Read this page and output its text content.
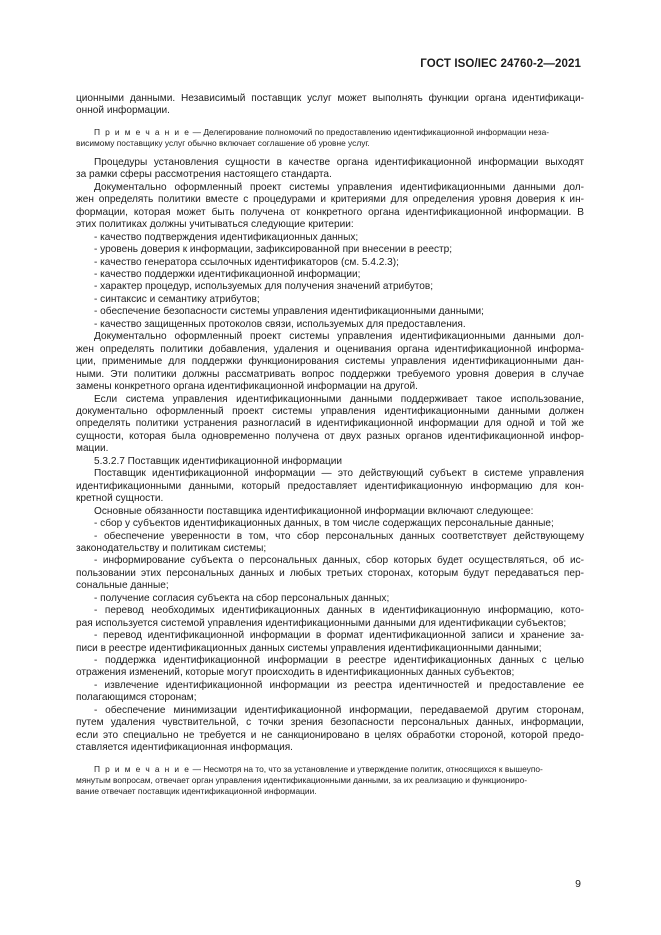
ГОСТ ISO/IEC 24760-2—2021
ционными данными. Независимый поставщик услуг может выполнять функции органа идентификаци-
онной информации.
П р и м е ч а н и е — Делегирование полномочий по предоставлению идентификационной информации неза-
висимому поставщику услуг обычно включает соглашение об уровне услуг.
Процедуры установления сущности в качестве органа идентификационной информации выходят
за рамки сферы рассмотрения настоящего стандарта.
Документально оформленный проект системы управления идентификационными данными дол-
жен определять политики вместе с процедурами и критериями для определения уровня доверия к ин-
формации, которая может быть получена от конкретного органа идентификационной информации. В
этих политиках должны учитываться следующие критерии:
- качество подтверждения идентификационных данных;
- уровень доверия к информации, зафиксированной при внесении в реестр;
- качество генератора ссылочных идентификаторов (см. 5.4.2.3);
- качество поддержки идентификационной информации;
- характер процедур, используемых для получения значений атрибутов;
- синтаксис и семантику атрибутов;
- обеспечение безопасности системы управления идентификационными данными;
- качество защищенных протоколов связи, используемых для предоставления.
Документально оформленный проект системы управления идентификационными данными дол-
жен определять политики добавления, удаления и оценивания органа идентификационной информа-
ции, применимые для поддержки функционирования системы управления идентификационными дан-
ными. Эти политики должны рассматривать вопрос поддержки требуемого уровня доверия в случае
замены конкретного органа идентификационной информации на другой.
Если система управления идентификационными данными поддерживает такое использование,
документально оформленный проект системы управления идентификационными данными должен
определять политики устранения разногласий в идентификационной информации для одной и той же
сущности, которая была одновременно получена от двух разных органов идентификационной инфор-
мации.
5.3.2.7 Поставщик идентификационной информации
Поставщик идентификационной информации — это действующий субъект в системе управления
идентификационными данными, который предоставляет идентификационную информацию для кон-
кретной сущности.
Основные обязанности поставщика идентификационной информации включают следующее:
- сбор у субъектов идентификационных данных, в том числе содержащих персональные данные;
- обеспечение уверенности в том, что сбор персональных данных соответствует действующему
законодательству и политикам системы;
- информирование субъекта о персональных данных, сбор которых будет осуществляться, об ис-
пользовании этих персональных данных и любых третьих сторонах, которым будут передаваться пер-
сональные данные;
- получение согласия субъекта на сбор персональных данных;
- перевод необходимых идентификационных данных в идентификационную информацию, кото-
рая используется системой управления идентификационными данными для идентификации субъектов;
- перевод идентификационной информации в формат идентификационной записи и хранение за-
писи в реестре идентификационных данных системы управления идентификационными данными;
- поддержка идентификационной информации в реестре идентификационных данных с целью
отражения изменений, которые могут происходить в идентификационных данных субъектов;
- извлечение идентификационной информации из реестра идентичностей и предоставление ее
полагающимся сторонам;
- обеспечение минимизации идентификационной информации, передаваемой другим сторонам,
путем удаления чувствительной, с точки зрения безопасности персональных данных, информации,
если это специально не требуется и не санкционировано в целях обработки стороной, которой предо-
ставляется идентификационная информация.
П р и м е ч а н и е — Несмотря на то, что за установление и утверждение политик, относящихся к вышеупо-
мянутым вопросам, отвечает орган управления идентификационными данными, за их реализацию и функциониро-
вание отвечает поставщик идентификационной информации.
9
